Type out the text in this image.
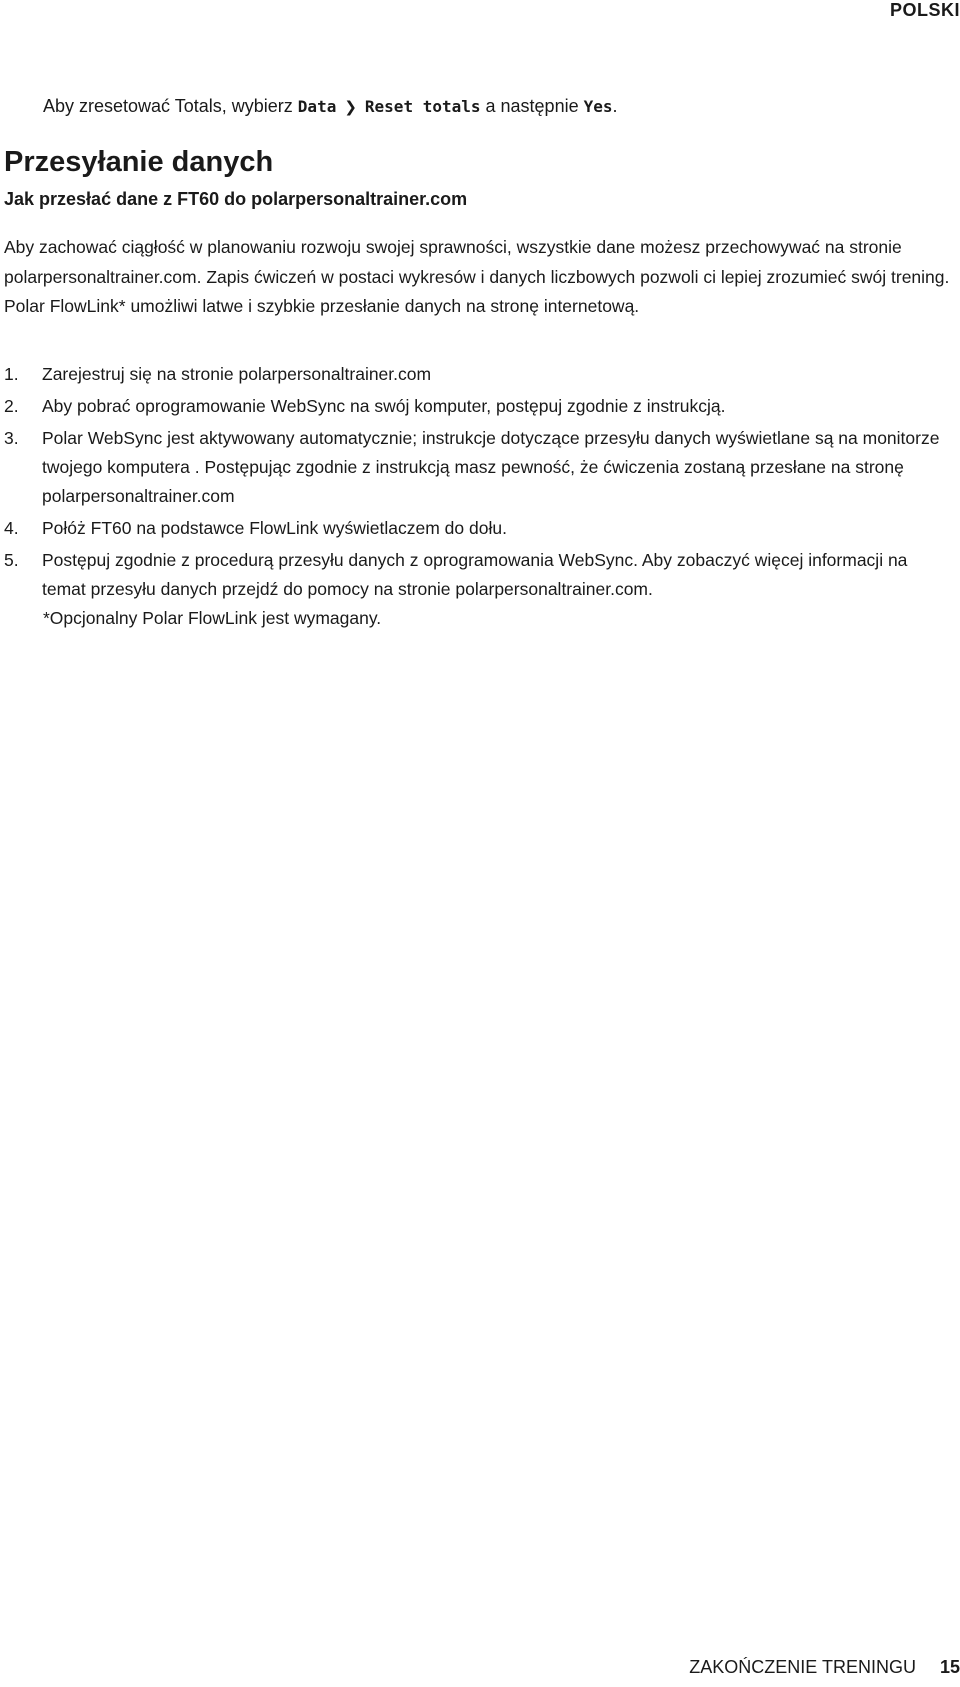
POLSKI

Aby zresetować Totals, wybierz Data ❯ Reset totals a następnie Yes.

Przesyłanie danych
Jak przesłać dane z FT60 do polarpersonaltrainer.com

Aby zachować ciągłość w planowaniu rozwoju swojej sprawności, wszystkie dane możesz przechowywać na stronie polarpersonaltrainer.com. Zapis ćwiczeń w postaci wykresów i danych liczbowych pozwoli ci lepiej zrozumieć swój trening. Polar FlowLink* umożliwi latwe i szybkie przesłanie danych na stronę internetową.

1.	Zarejestruj się na stronie polarpersonaltrainer.com
2.	Aby pobrać oprogramowanie WebSync na swój komputer, postępuj zgodnie z instrukcją.
3.	Polar WebSync jest aktywowany automatycznie; instrukcje dotyczące przesyłu danych wyświetlane są na monitorze twojego komputera . Postępując zgodnie z instrukcją masz pewność, że ćwiczenia zostaną przesłane na stronę polarpersonaltrainer.com
4.	Połóż FT60 na podstawce FlowLink wyświetlaczem do dołu.
5.	Postępuj zgodnie z procedurą przesyłu danych z oprogramowania WebSync. Aby zobaczyć więcej informacji na temat przesyłu danych przejdź do pomocy na stronie polarpersonaltrainer.com.

*Opcjonalny Polar FlowLink jest wymagany.

ZAKOŃCZENIE TRENINGU 15
